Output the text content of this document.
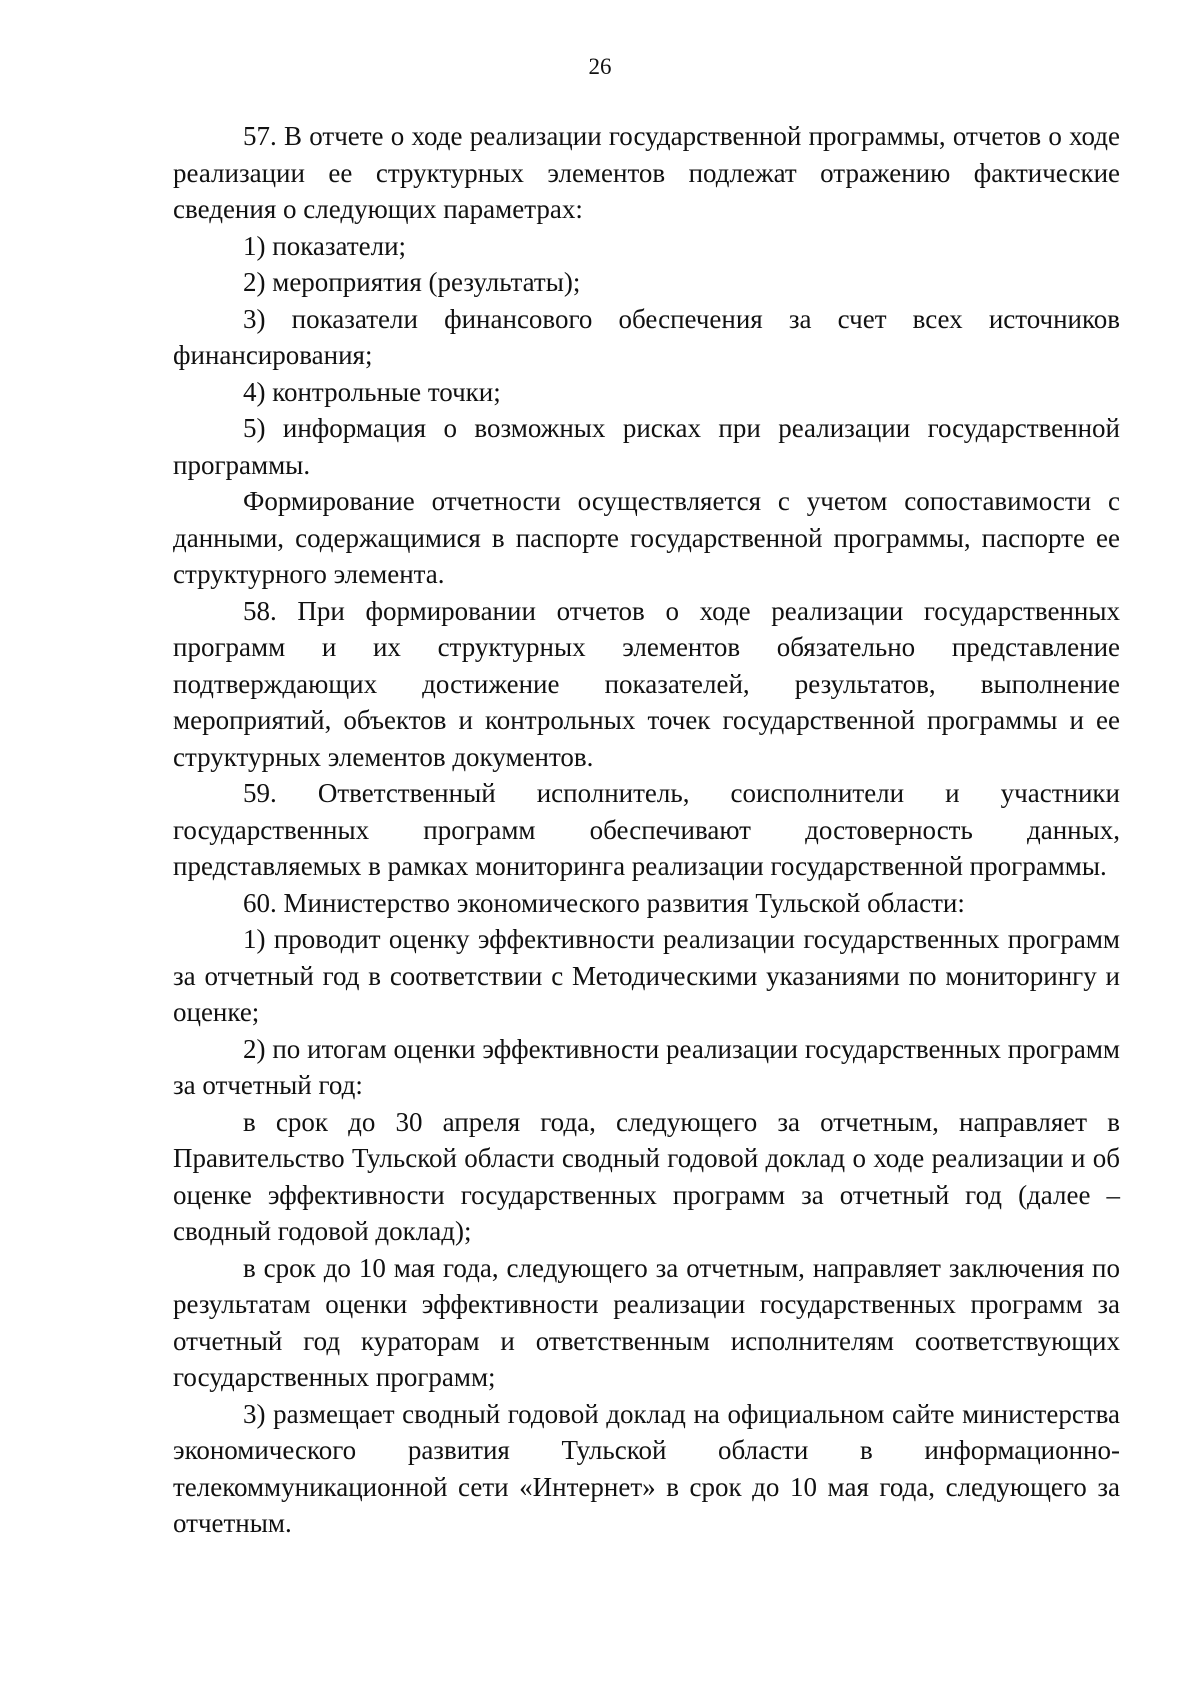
26

57. В отчете о ходе реализации государственной программы, отчетов о ходе реализации ее структурных элементов подлежат отражению фактические сведения о следующих параметрах:

1) показатели;

2) мероприятия (результаты);

3) показатели финансового обеспечения за счет всех источников финансирования;

4) контрольные точки;

5) информация о возможных рисках при реализации государственной программы.

Формирование отчетности осуществляется с учетом сопоставимости с данными, содержащимися в паспорте государственной программы, паспорте ее структурного элемента.

58. При формировании отчетов о ходе реализации государственных программ и их структурных элементов обязательно представление подтверждающих достижение показателей, результатов, выполнение мероприятий, объектов и контрольных точек государственной программы и ее структурных элементов документов.

59. Ответственный исполнитель, соисполнители и участники государственных программ обеспечивают достоверность данных, представляемых в рамках мониторинга реализации государственной программы.

60. Министерство экономического развития Тульской области:

1) проводит оценку эффективности реализации государственных программ за отчетный год в соответствии с Методическими указаниями по мониторингу и оценке;

2) по итогам оценки эффективности реализации государственных программ за отчетный год:

в срок до 30 апреля года, следующего за отчетным, направляет в Правительство Тульской области сводный годовой доклад о ходе реализации и об оценке эффективности государственных программ за отчетный год (далее – сводный годовой доклад);

в срок до 10 мая года, следующего за отчетным, направляет заключения по результатам оценки эффективности реализации государственных программ за отчетный год кураторам и ответственным исполнителям соответствующих государственных программ;

3) размещает сводный годовой доклад на официальном сайте министерства экономического развития Тульской области в информационно-телекоммуникационной сети «Интернет» в срок до 10 мая года, следующего за отчетным.
